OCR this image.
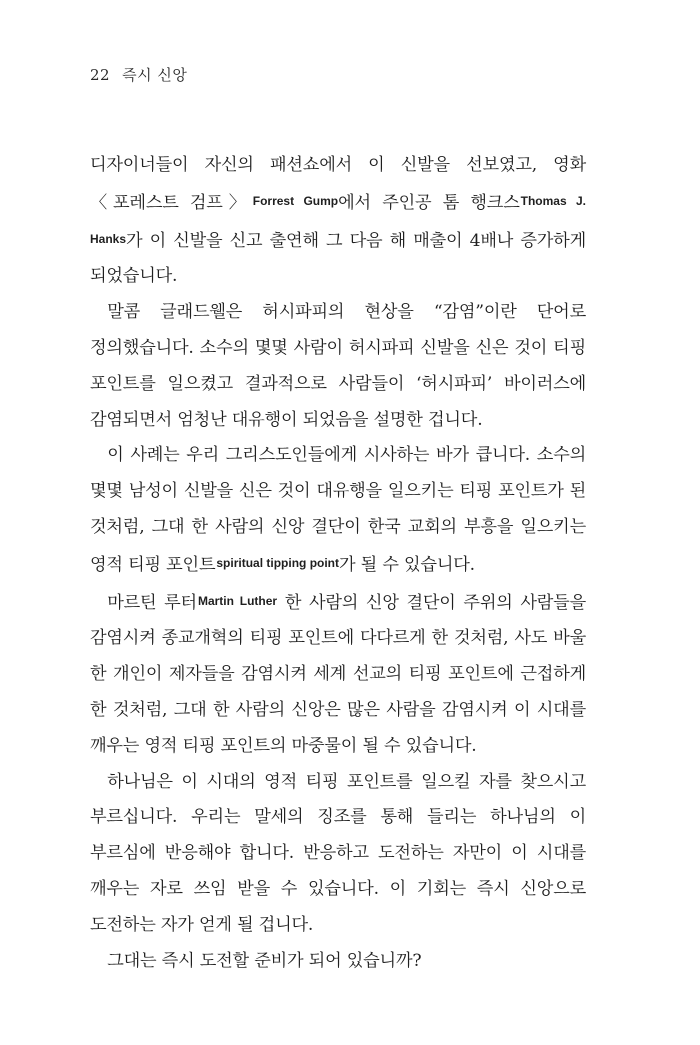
22 즉시 신앙

디자이너들이 자신의 패션쇼에서 이 신발을 선보였고, 영화 〈포레스트 검프〉Forrest Gump에서 주인공 톰 행크스Thomas J. Hanks가 이 신발을 신고 출연해 그 다음 해 매출이 4배나 증가하게 되었습니다.

말콤 글래드웰은 허시파피의 현상을 “감염”이란 단어로 정의했습니다. 소수의 몇몇 사람이 허시파피 신발을 신은 것이 티핑 포인트를 일으켰고 결과적으로 사람들이 ‘허시파피’ 바이러스에 감염되면서 엄청난 대유행이 되었음을 설명한 겁니다.

이 사례는 우리 그리스도인들에게 시사하는 바가 큽니다. 소수의 몇몇 남성이 신발을 신은 것이 대유행을 일으키는 티핑 포인트가 된 것처럼, 그대 한 사람의 신앙 결단이 한국 교회의 부흥을 일으키는 영적 티핑 포인트spiritual tipping point가 될 수 있습니다.

마르틴 루터Martin Luther 한 사람의 신앙 결단이 주위의 사람들을 감염시켜 종교개혁의 티핑 포인트에 다다르게 한 것처럼, 사도 바울 한 개인이 제자들을 감염시켜 세계 선교의 티핑 포인트에 근접하게 한 것처럼, 그대 한 사람의 신앙은 많은 사람을 감염시켜 이 시대를 깨우는 영적 티핑 포인트의 마중물이 될 수 있습니다.

하나님은 이 시대의 영적 티핑 포인트를 일으킬 자를 찾으시고 부르십니다. 우리는 말세의 징조를 통해 들리는 하나님의 이 부르심에 반응해야 합니다. 반응하고 도전하는 자만이 이 시대를 깨우는 자로 쓰임 받을 수 있습니다. 이 기회는 즉시 신앙으로 도전하는 자가 얻게 될 겁니다.

그대는 즉시 도전할 준비가 되어 있습니까?
